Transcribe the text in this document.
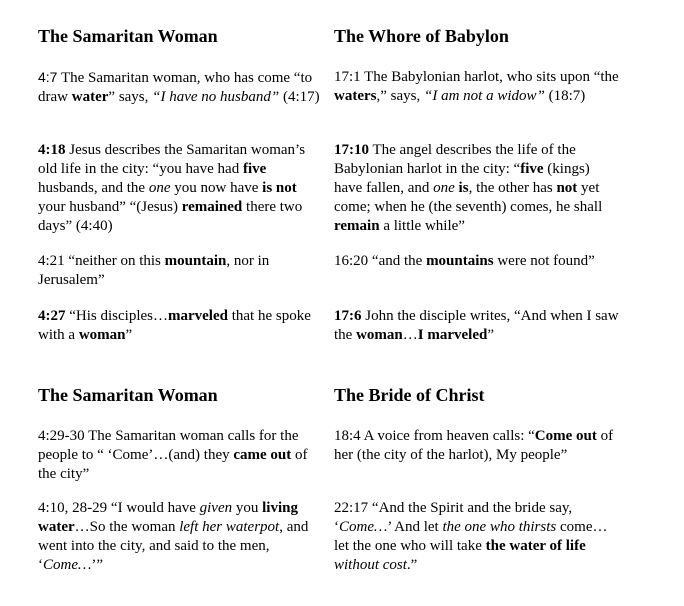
The Samaritan Woman	The Whore of Babylon

4:7 The Samaritan woman, who has come “to draw water” says, “I have no husband” (4:17)

4:18 Jesus describes the Samaritan woman’s old life in the city: “you have had five husbands, and the one you now have is not your husband” “(Jesus) remained there two days” (4:40)

4:21 “neither on this mountain, nor in Jerusalem”

4:27 “His disciples…marveled that he spoke with a woman”

17:1 The Babylonian harlot, who sits upon “the waters,” says, “I am not a widow” (18:7)

17:10 The angel describes the life of the Babylonian harlot in the city: “five (kings) have fallen, and one is, the other has not yet come; when he (the seventh) comes, he shall remain a little while”

16:20 “and the mountains were not found”

17:6 John the disciple writes, “And when I saw the woman…I marveled”

The Samaritan Woman	The Bride of Christ

4:29-30 The Samaritan woman calls for the people to “ ‘Come’…(and) they came out of the city”

4:10, 28-29 “I would have given you living water…So the woman left her waterpot, and went into the city, and said to the men, ‘Come…’”

18:4 A voice from heaven calls: “Come out of her (the city of the harlot), My people”

22:17 “And the Spirit and the bride say, ‘Come…’ And let the one who thirsts come…let the one who will take the water of life without cost.”
